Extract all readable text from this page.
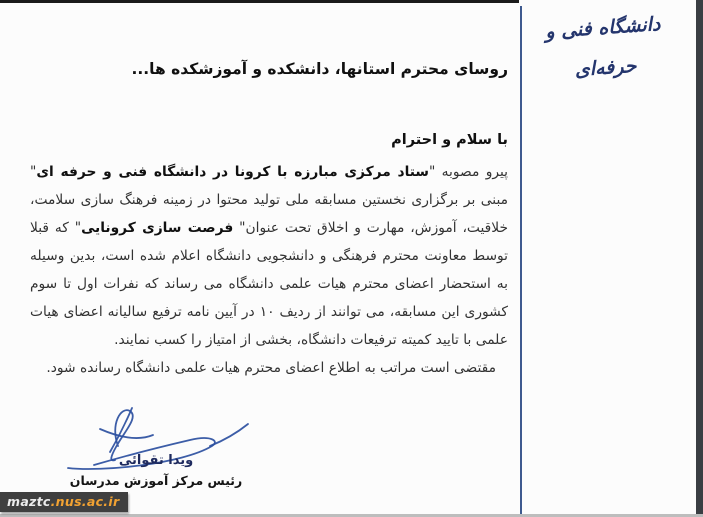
دانشگاه فنی و حرفه‌ای

روسای محترم استانها، دانشکده و آموزشکده ها...

با سلام و احترام

پیرو مصوبه "ستاد مرکزی مبارزه با کرونا در دانشگاه فنی و حرفه ای" مبنی بر برگزاری نخستین مسابقه ملی تولید محتوا در زمینه فرهنگ سازی سلامت، خلاقیت، آموزش، مهارت و اخلاق تحت عنوان" فرصت سازی کرونایی" که قبلا توسط معاونت محترم فرهنگی و دانشجویی دانشگاه اعلام شده است، بدین وسیله به استحضار اعضای محترم هیات علمی دانشگاه می رساند که نفرات اول تا سوم کشوری این مسابقه، می توانند از ردیف ۱۰ در آیین نامه ترفیع سالیانه اعضای هیات علمی با تایید کمیته ترفیعات دانشگاه، بخشی از امتیاز را کسب نمایند.

مقتضی است مراتب به اطلاع اعضای محترم هیات علمی دانشگاه رسانده شود.

ویدا تقوائی
رئیس مرکز آموزش مدرسان
maztc.nus.ac.ir
